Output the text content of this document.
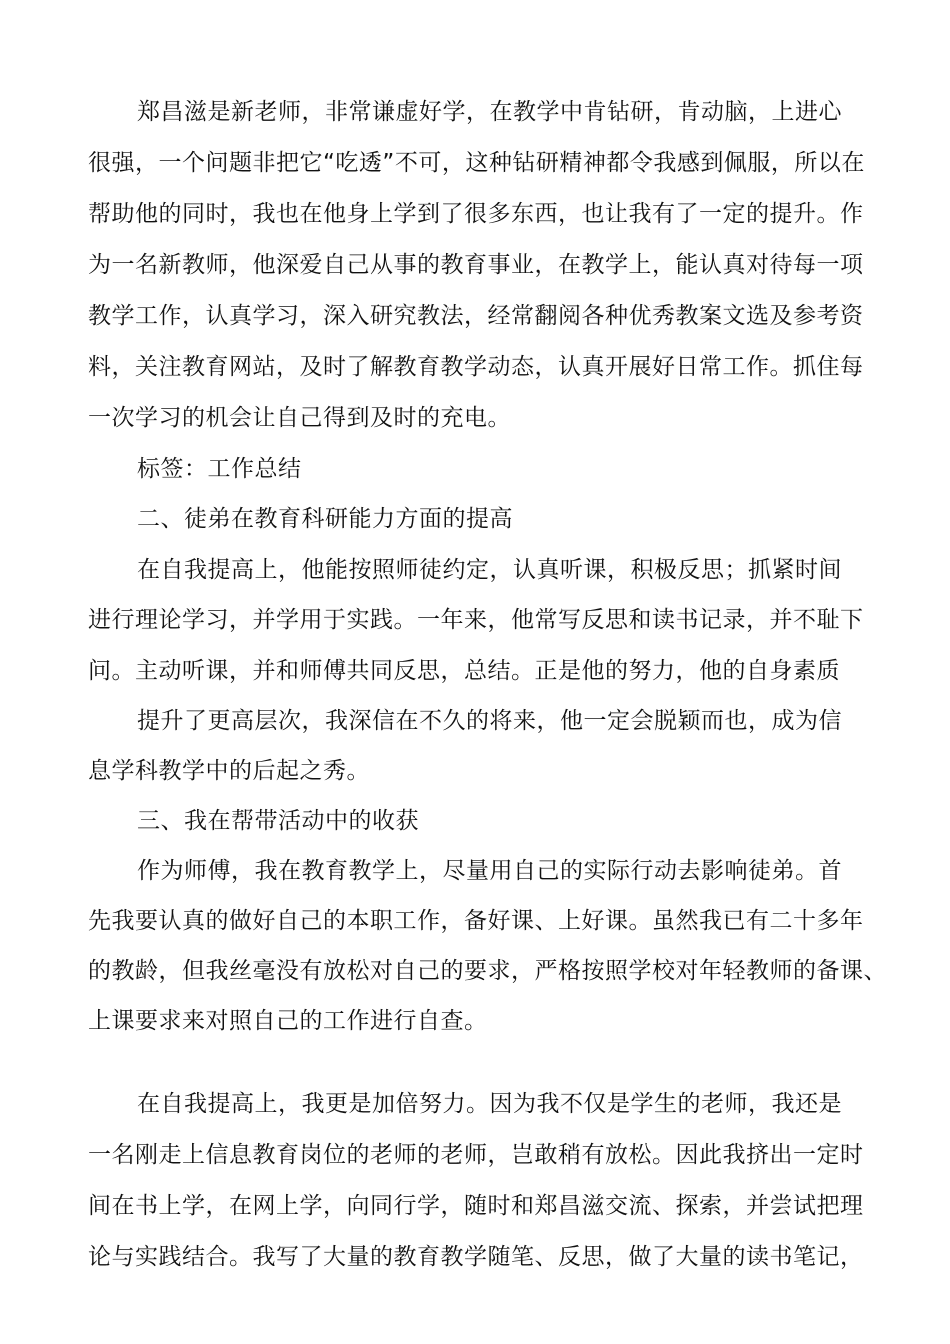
郑昌滋是新老师，非常谦虚好学，在教学中肯钻研，肯动脑，上进心
很强，一个问题非把它“吃透”不可，这种钻研精神都令我感到佩服，所以在
帮助他的同时，我也在他身上学到了很多东西，也让我有了一定的提升。作
为一名新教师，他深爱自己从事的教育事业，在教学上，能认真对待每一项
教学工作，认真学习，深入研究教法，经常翻阅各种优秀教案文选及参考资
料，关注教育网站，及时了解教育教学动态，认真开展好日常工作。抓住每
一次学习的机会让自己得到及时的充电。
标签：工作总结
二、徒弟在教育科研能力方面的提高
在自我提高上，他能按照师徒约定，认真听课，积极反思；抓紧时间
进行理论学习，并学用于实践。一年来，他常写反思和读书记录，并不耻下
问。主动听课，并和师傅共同反思，总结。正是他的努力，他的自身素质
提升了更高层次，我深信在不久的将来，他一定会脱颖而也，成为信
息学科教学中的后起之秀。
三、我在帮带活动中的收获
作为师傅，我在教育教学上，尽量用自己的实际行动去影响徒弟。首
先我要认真的做好自己的本职工作，备好课、上好课。虽然我已有二十多年
的教龄，但我丝毫没有放松对自己的要求，严格按照学校对年轻教师的备课、
上课要求来对照自己的工作进行自查。
在自我提高上，我更是加倍努力。因为我不仅是学生的老师，我还是
一名刚走上信息教育岗位的老师的老师，岂敢稍有放松。因此我挤出一定时
间在书上学，在网上学，向同行学，随时和郑昌滋交流、探索，并尝试把理
论与实践结合。我写了大量的教育教学随笔、反思，做了大量的读书笔记，
